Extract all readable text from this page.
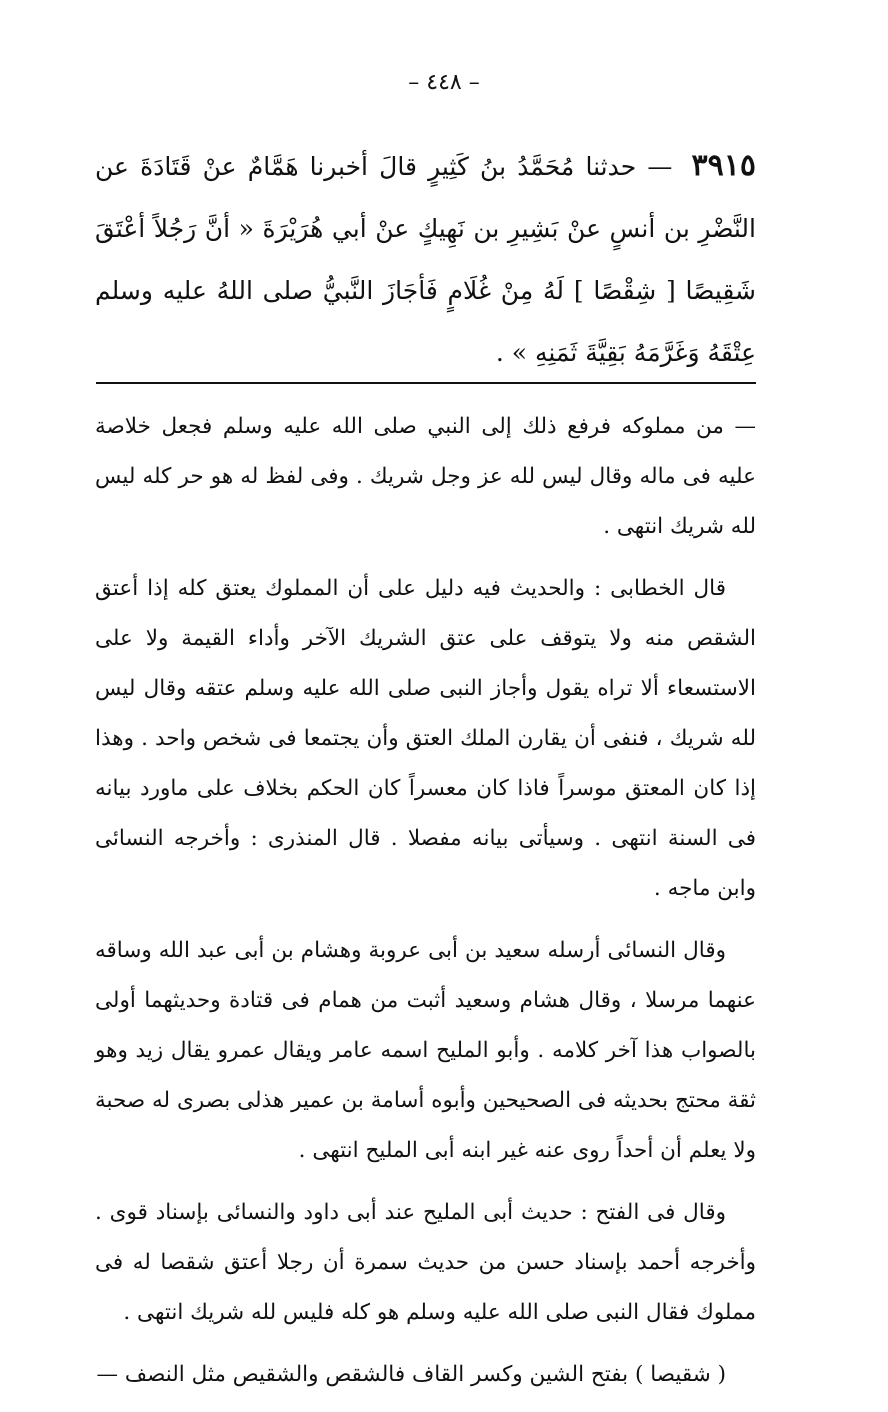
– ٤٤٨ –
٣٩١٥ — حدثنا مُحَمَّدُ بنُ كَثِيرٍ قالَ أخبرنا هَمَّامٌ عنْ قَتَادَةَ عن النَّضْرِ بن أنسٍ عنْ بَشِيرِ بن نَهِيكٍ عنْ أبي هُرَيْرَةَ « أنَّ رَجُلاً أعْتَقَ شَقِيصًا [ شِقْصًا ] لَهُ مِنْ غُلَامٍ فَأجَازَ النَّبيُّ صلى اللهُ عليه وسلم عِتْقَهُ وَغَرَّمَهُ بَقِيَّةَ ثَمَنِهِ » .

— من مملوكه فرفع ذلك إلى النبي صلى الله عليه وسلم فجعل خلاصة عليه فى ماله وقال ليس لله عز وجل شريك . وفى لفظ له هو حر كله ليس لله شريك انتهى .

قال الخطابى : والحديث فيه دليل على أن المملوك يعتق كله إذا أعتق الشقص منه ولا يتوقف على عتق الشريك الآخر وأداء القيمة ولا على الاستسعاء ألا تراه يقول وأجاز النبى صلى الله عليه وسلم عتقه وقال ليس لله شريك ، فنفى أن يقارن الملك العتق وأن يجتمعا فى شخص واحد . وهذا إذا كان المعتق موسراً فاذا كان معسراً كان الحكم بخلاف على ماورد بيانه فى السنة انتهى . وسيأتى بيانه مفصلا . قال المنذرى : وأخرجه النسائى وابن ماجه .

وقال النسائى أرسله سعيد بن أبى عروبة وهشام بن أبى عبد الله وساقه عنهما مرسلا ، وقال هشام وسعيد أثبت من همام فى قتادة وحديثهما أولى بالصواب هذا آخر كلامه . وأبو المليح اسمه عامر ويقال عمرو يقال زيد وهو ثقة محتج بحديثه فى الصحيحين وأبوه أسامة بن عمير هذلى بصرى له صحبة ولا يعلم أن أحداً روى عنه غير ابنه أبى المليح انتهى .

وقال فى الفتح : حديث أبى المليح عند أبى داود والنسائى بإسناد قوى . وأخرجه أحمد بإسناد حسن من حديث سمرة أن رجلا أعتق شقصا له فى مملوك فقال النبى صلى الله عليه وسلم هو كله فليس لله شريك انتهى .

( شقيصا ) بفتح الشين وكسر القاف فالشقص والشقيص مثل النصف —
